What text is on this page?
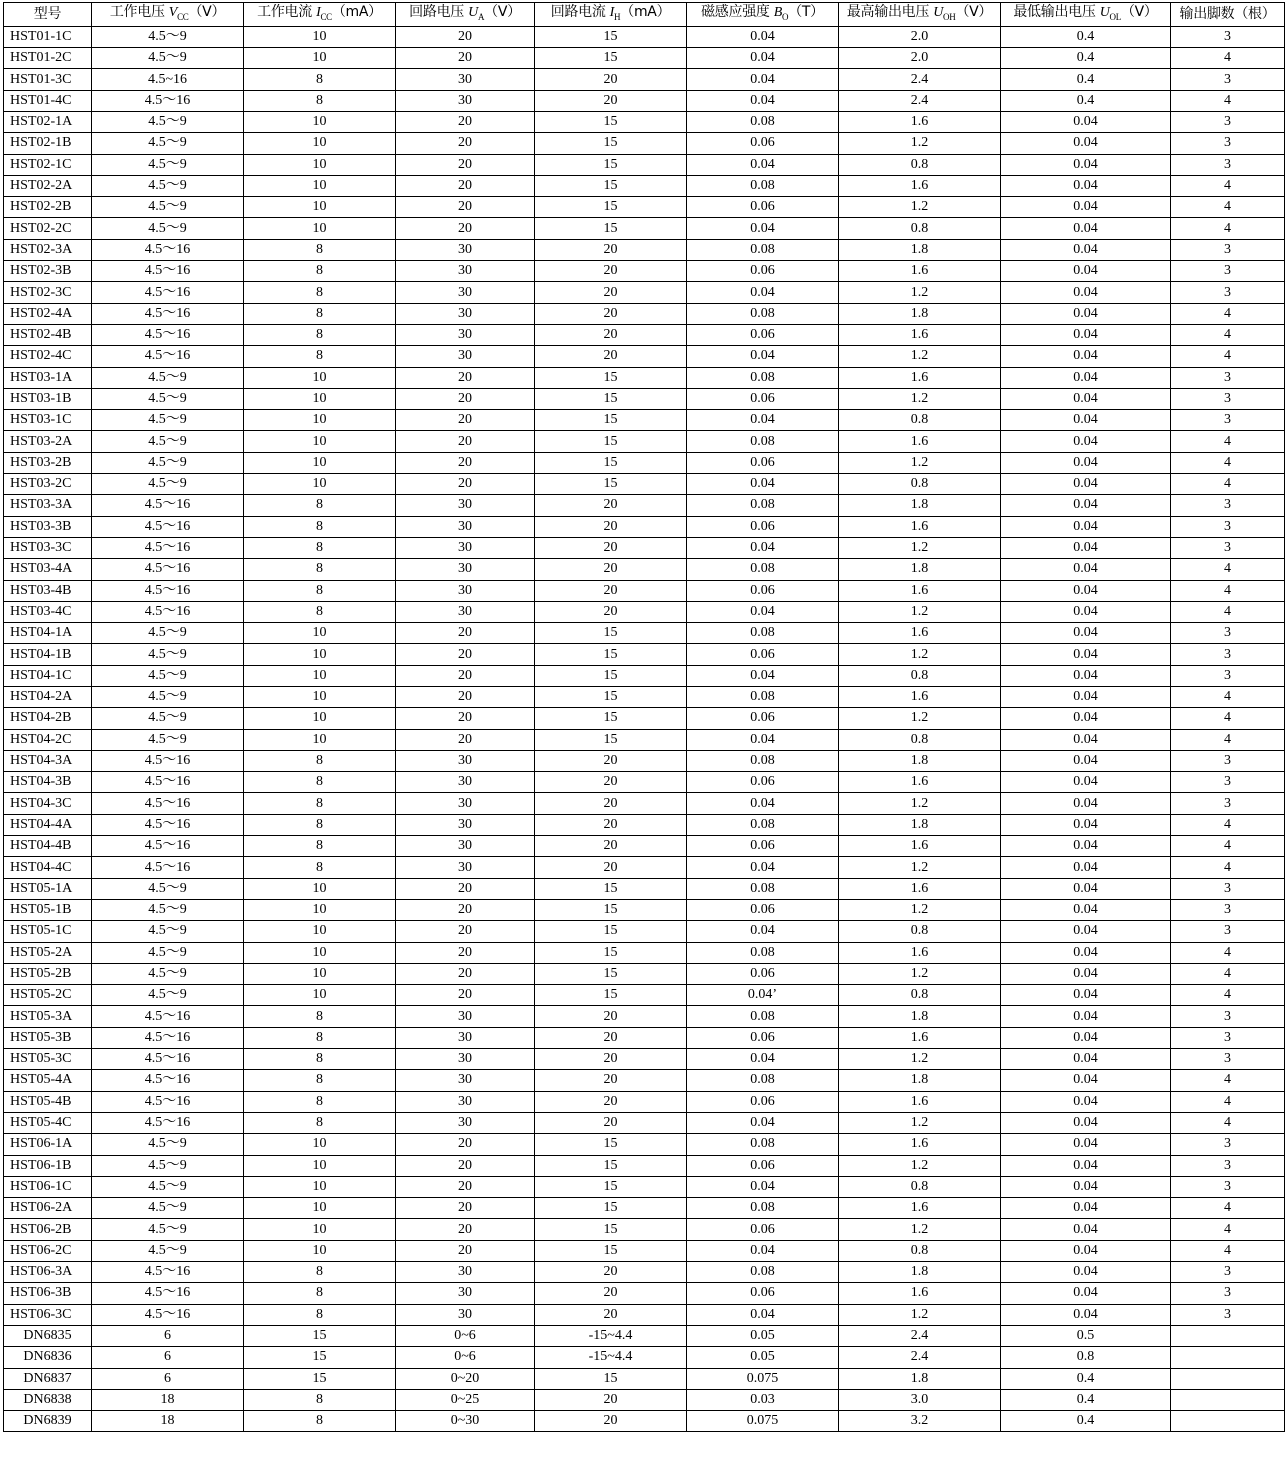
型号	工作电压 $V_{CC}(V)$	工作电流 $I_{CC}(mA)$	回路电压 $U_A(V)$	回路电流 $I_H(mA)$	磁感应强度 $B_O(T)$	最高输出电压 $U_{OH}(V)$	最低输出电压 $U_{OL}(V)$	输出脚数（根）
HST01-1C	4.5～9	10	20	15	0.04	2.0	0.4	3
HST01-2C	4.5～9	10	20	15	0.04	2.0	0.4	4
HST01-3C	4.5~16	8	30	20	0.04	2.4	0.4	3
HST01-4C	4.5～16	8	30	20	0.04	2.4	0.4	4
HST02-1A	4.5～9	10	20	15	0.08	1.6	0.04	3
HST02-1B	4.5～9	10	20	15	0.06	1.2	0.04	3
HST02-1C	4.5～9	10	20	15	0.04	0.8	0.04	3
HST02-2A	4.5～9	10	20	15	0.08	1.6	0.04	4
HST02-2B	4.5～9	10	20	15	0.06	1.2	0.04	4
HST02-2C	4.5～9	10	20	15	0.04	0.8	0.04	4
HST02-3A	4.5～16	8	30	20	0.08	1.8	0.04	3
HST02-3B	4.5～16	8	30	20	0.06	1.6	0.04	3
HST02-3C	4.5～16	8	30	20	0.04	1.2	0.04	3
HST02-4A	4.5～16	8	30	20	0.08	1.8	0.04	4
HST02-4B	4.5～16	8	30	20	0.06	1.6	0.04	4
HST02-4C	4.5～16	8	30	20	0.04	1.2	0.04	4
HST03-1A	4.5～9	10	20	15	0.08	1.6	0.04	3
HST03-1B	4.5～9	10	20	15	0.06	1.2	0.04	3
HST03-1C	4.5～9	10	20	15	0.04	0.8	0.04	3
HST03-2A	4.5～9	10	20	15	0.08	1.6	0.04	4
HST03-2B	4.5～9	10	20	15	0.06	1.2	0.04	4
HST03-2C	4.5～9	10	20	15	0.04	0.8	0.04	4
HST03-3A	4.5～16	8	30	20	0.08	1.8	0.04	3
HST03-3B	4.5～16	8	30	20	0.06	1.6	0.04	3
HST03-3C	4.5～16	8	30	20	0.04	1.2	0.04	3
HST03-4A	4.5～16	8	30	20	0.08	1.8	0.04	4
HST03-4B	4.5～16	8	30	20	0.06	1.6	0.04	4
HST03-4C	4.5～16	8	30	20	0.04	1.2	0.04	4
HST04-1A	4.5～9	10	20	15	0.08	1.6	0.04	3
HST04-1B	4.5～9	10	20	15	0.06	1.2	0.04	3
HST04-1C	4.5～9	10	20	15	0.04	0.8	0.04	3
HST04-2A	4.5～9	10	20	15	0.08	1.6	0.04	4
HST04-2B	4.5～9	10	20	15	0.06	1.2	0.04	4
HST04-2C	4.5～9	10	20	15	0.04	0.8	0.04	4
HST04-3A	4.5～16	8	30	20	0.08	1.8	0.04	3
HST04-3B	4.5～16	8	30	20	0.06	1.6	0.04	3
HST04-3C	4.5～16	8	30	20	0.04	1.2	0.04	3
HST04-4A	4.5～16	8	30	20	0.08	1.8	0.04	4
HST04-4B	4.5～16	8	30	20	0.06	1.6	0.04	4
HST04-4C	4.5～16	8	30	20	0.04	1.2	0.04	4
HST05-1A	4.5～9	10	20	15	0.08	1.6	0.04	3
HST05-1B	4.5～9	10	20	15	0.06	1.2	0.04	3
HST05-1C	4.5～9	10	20	15	0.04	0.8	0.04	3
HST05-2A	4.5～9	10	20	15	0.08	1.6	0.04	4
HST05-2B	4.5～9	10	20	15	0.06	1.2	0.04	4
HST05-2C	4.5～9	10	20	15	0.04’	0.8	0.04	4
HST05-3A	4.5～16	8	30	20	0.08	1.8	0.04	3
HST05-3B	4.5～16	8	30	20	0.06	1.6	0.04	3
HST05-3C	4.5～16	8	30	20	0.04	1.2	0.04	3
HST05-4A	4.5～16	8	30	20	0.08	1.8	0.04	4
HST05-4B	4.5～16	8	30	20	0.06	1.6	0.04	4
HST05-4C	4.5～16	8	30	20	0.04	1.2	0.04	4
HST06-1A	4.5～9	10	20	15	0.08	1.6	0.04	3
HST06-1B	4.5～9	10	20	15	0.06	1.2	0.04	3
HST06-1C	4.5～9	10	20	15	0.04	0.8	0.04	3
HST06-2A	4.5～9	10	20	15	0.08	1.6	0.04	4
HST06-2B	4.5～9	10	20	15	0.06	1.2	0.04	4
HST06-2C	4.5～9	10	20	15	0.04	0.8	0.04	4
HST06-3A	4.5～16	8	30	20	0.08	1.8	0.04	3
HST06-3B	4.5～16	8	30	20	0.06	1.6	0.04	3
HST06-3C	4.5～16	8	30	20	0.04	1.2	0.04	3
DN6835	6	15	0~6	-15~4.4	0.05	2.4	0.5	
DN6836	6	15	0~6	-15~4.4	0.05	2.4	0.8	
DN6837	6	15	0~20	15	0.075	1.8	0.4	
DN6838	18	8	0~25	20	0.03	3.0	0.4	
DN6839	18	8	0~30	20	0.075	3.2	0.4	
